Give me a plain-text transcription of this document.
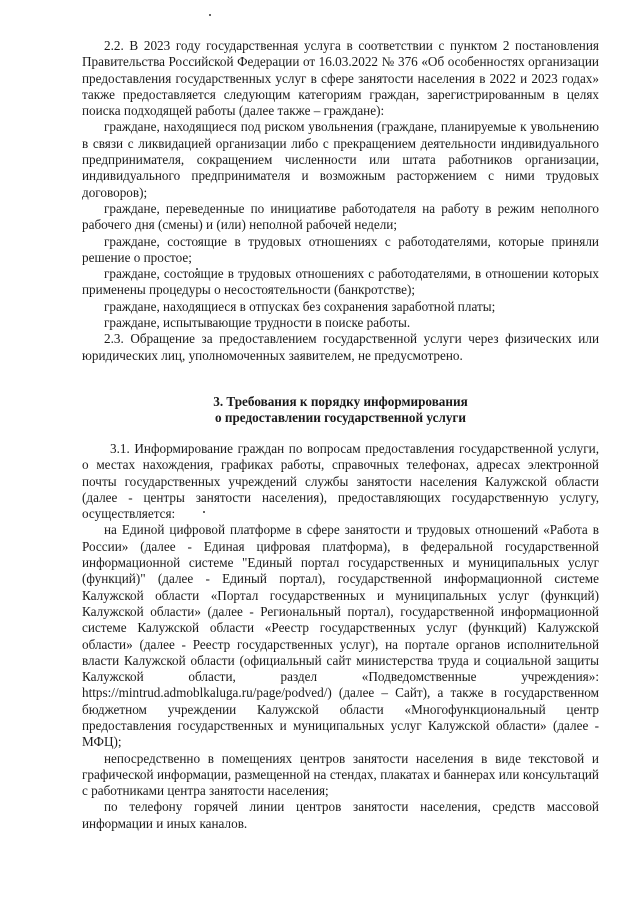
2.2. В 2023 году государственная услуга в соответствии с пунктом 2 постановления Правительства Российской Федерации от 16.03.2022 № 376 «Об особенностях организации предоставления государственных услуг в сфере занятости населения в 2022 и 2023 годах» также предоставляется следующим категориям граждан, зарегистрированным в целях поиска подходящей работы (далее также – граждане):

граждане, находящиеся под риском увольнения (граждане, планируемые к увольнению в связи с ликвидацией организации либо с прекращением деятельности индивидуального предпринимателя, сокращением численности или штата работников организации, индивидуального предпринимателя и возможным расторжением с ними трудовых договоров);

граждане, переведенные по инициативе работодателя на работу в режим неполного рабочего дня (смены) и (или) неполной рабочей недели;

граждане, состоящие в трудовых отношениях с работодателями, которые приняли решение о простое;

граждане, состоящие в трудовых отношениях с работодателями, в отношении которых применены процедуры о несостоятельности (банкротстве);

граждане, находящиеся в отпусках без сохранения заработной платы;

граждане, испытывающие трудности в поиске работы.

2.3. Обращение за предоставлением государственной услуги через физических или юридических лиц, уполномоченных заявителем, не предусмотрено.

3. Требования к порядку информирования
о предоставлении государственной услуги

3.1. Информирование граждан по вопросам предоставления государственной услуги, о местах нахождения, графиках работы, справочных телефонах, адресах электронной почты государственных учреждений службы занятости населения Калужской области (далее - центры занятости населения), предоставляющих государственную услугу, осуществляется:

на Единой цифровой платформе в сфере занятости и трудовых отношений «Работа в России» (далее - Единая цифровая платформа), в федеральной государственной информационной системе "Единый портал государственных и муниципальных услуг (функций)" (далее - Единый портал), государственной информационной системе Калужской области «Портал государственных и муниципальных услуг (функций) Калужской области» (далее - Региональный портал), государственной информационной системе Калужской области «Реестр государственных услуг (функций) Калужской области» (далее - Реестр государственных услуг), на портале органов исполнительной власти Калужской области (официальный сайт министерства труда и социальной защиты Калужской области, раздел «Подведомственные учреждения»: https://mintrud.admoblkaluga.ru/page/podved/) (далее – Сайт), а также в государственном бюджетном учреждении Калужской области «Многофункциональный центр предоставления государственных и муниципальных услуг Калужской области» (далее - МФЦ);

непосредственно в помещениях центров занятости населения в виде текстовой и графической информации, размещенной на стендах, плакатах и баннерах или консультаций с работниками центра занятости населения;

по телефону горячей линии центров занятости населения, средств массовой информации и иных каналов.
